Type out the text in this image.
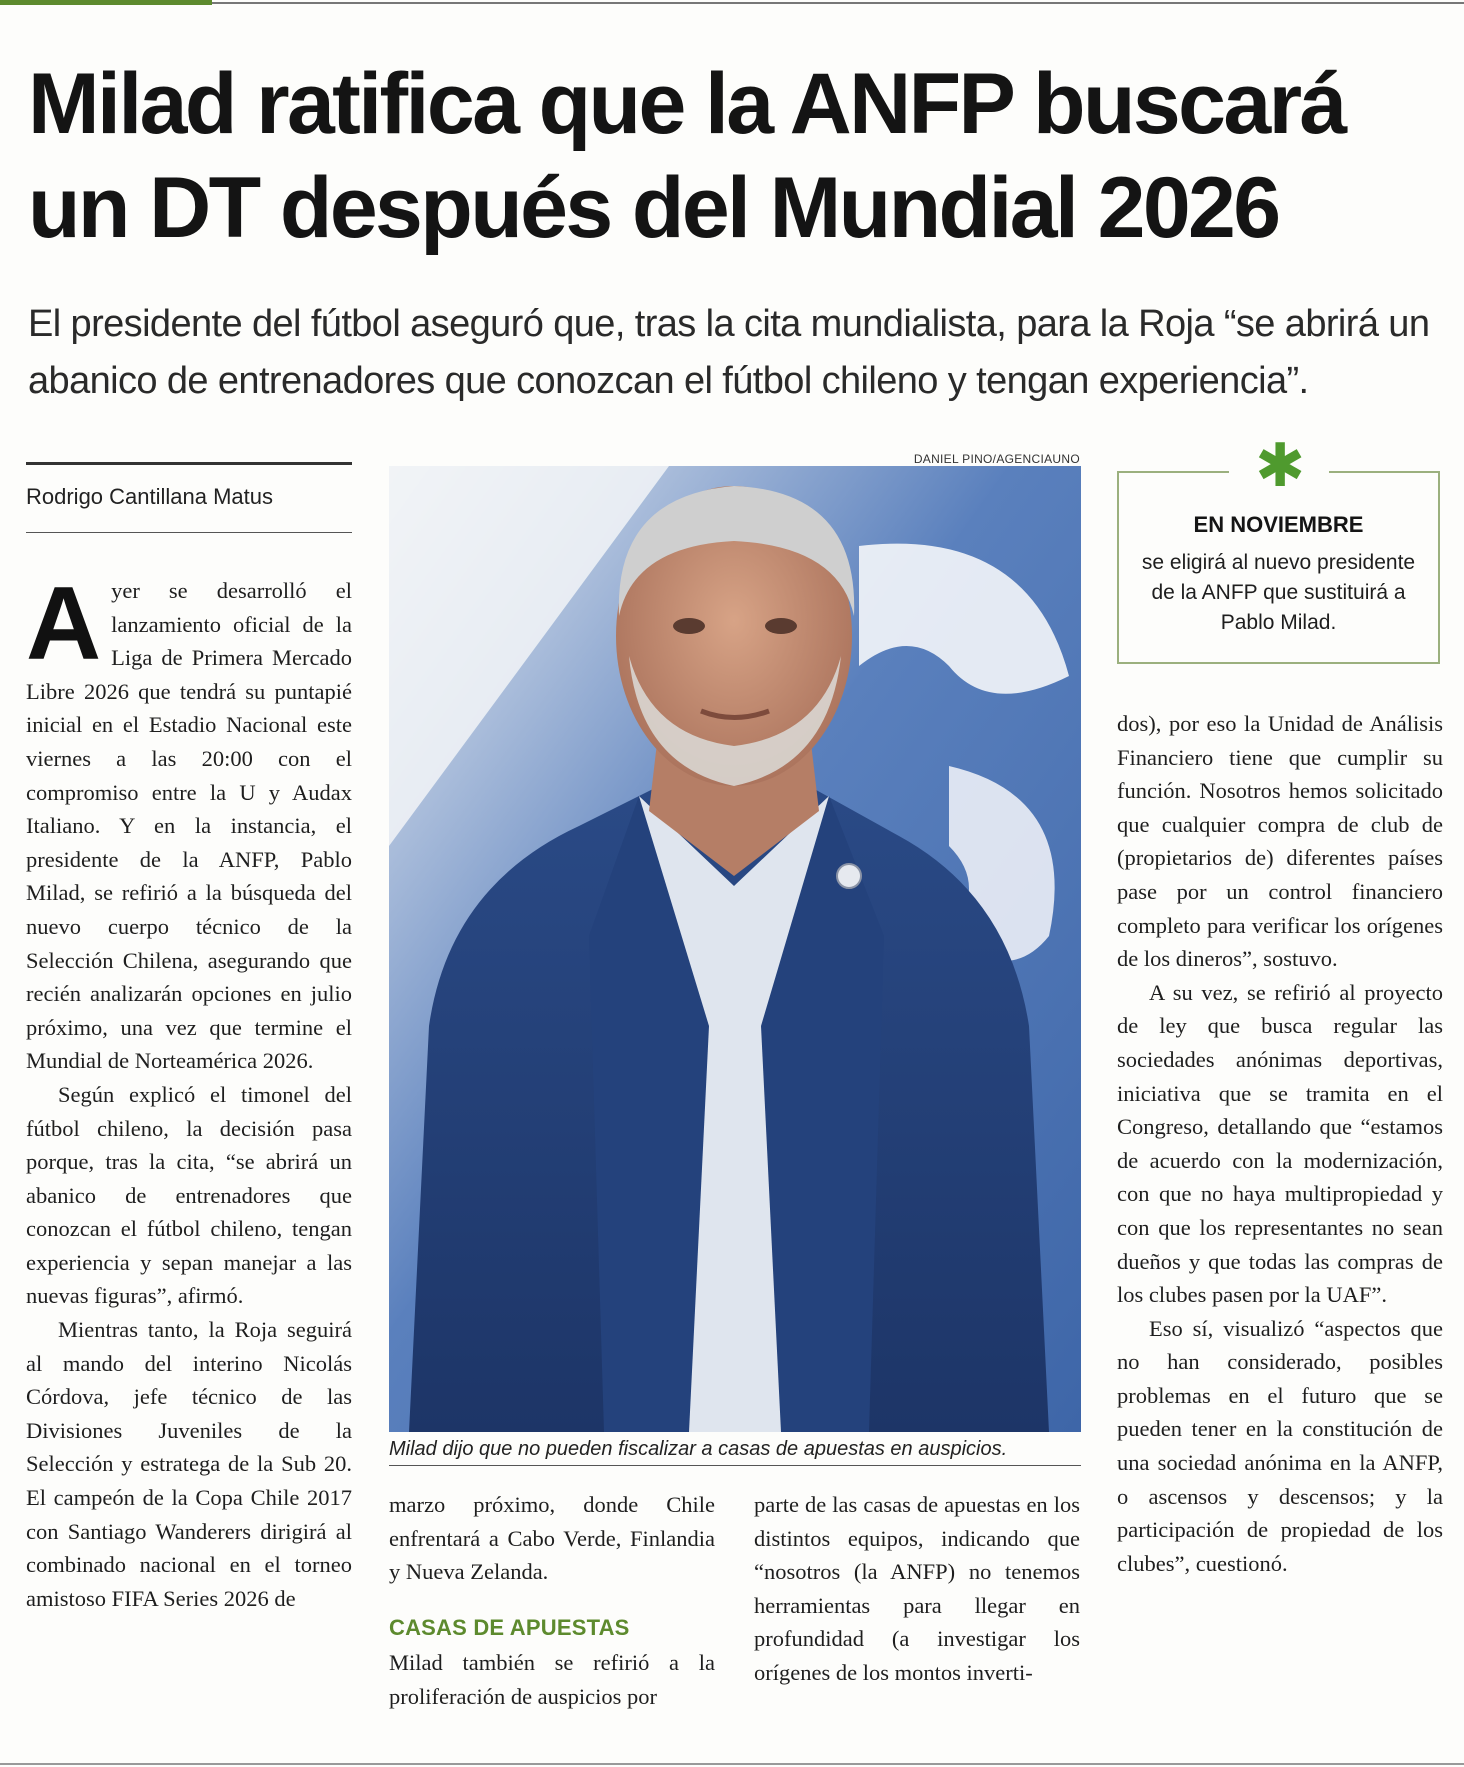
Milad ratifica que la ANFP buscará un DT después del Mundial 2026

El presidente del fútbol aseguró que, tras la cita mundialista, para la Roja “se abrirá un abanico de entrenadores que conozcan el fútbol chileno y tengan experiencia”.

Rodrigo Cantillana Matus

Ayer se desarrolló el lanzamiento oficial de la Liga de Primera Mercado Libre 2026 que tendrá su puntapié inicial en el Estadio Nacional este viernes a las 20:00 con el compromiso entre la U y Audax Italiano. Y en la instancia, el presidente de la ANFP, Pablo Milad, se refirió a la búsqueda del nuevo cuerpo técnico de la Selección Chilena, asegurando que recién analizarán opciones en julio próximo, una vez que termine el Mundial de Norteamérica 2026.

Según explicó el timonel del fútbol chileno, la decisión pasa porque, tras la cita, “se abrirá un abanico de entrenadores que conozcan el fútbol chileno, tengan experiencia y sepan manejar a las nuevas figuras”, afirmó.

Mientras tanto, la Roja seguirá al mando del interino Nicolás Córdova, jefe técnico de las Divisiones Juveniles de la Selección y estratega de la Sub 20. El campeón de la Copa Chile 2017 con Santiago Wanderers dirigirá al combinado nacional en el torneo amistoso FIFA Series 2026 de

DANIEL PINO/AGENCIAUNO
Milad dijo que no pueden fiscalizar a casas de apuestas en auspicios.
✱
EN NOVIEMBRE
se eligirá al nuevo presidente de la ANFP que sustituirá a Pablo Milad.

marzo próximo, donde Chile enfrentará a Cabo Verde, Finlandia y Nueva Zelanda.

CASAS DE APUESTAS

Milad también se refirió a la proliferación de auspicios por

parte de las casas de apuestas en los distintos equipos, indicando que “nosotros (la ANFP) no tenemos herramientas para llegar en profundidad (a investigar los orígenes de los montos inverti-

dos), por eso la Unidad de Análisis Financiero tiene que cumplir su función. Nosotros hemos solicitado que cualquier compra de club de (propietarios de) diferentes países pase por un control financiero completo para verificar los orígenes de los dineros”, sostuvo.

A su vez, se refirió al proyecto de ley que busca regular las sociedades anónimas deportivas, iniciativa que se tramita en el Congreso, detallando que “estamos de acuerdo con la modernización, con que no haya multipropiedad y con que los representantes no sean dueños y que todas las compras de los clubes pasen por la UAF”.

Eso sí, visualizó “aspectos que no han considerado, posibles problemas en el futuro que se pueden tener en la constitución de una sociedad anónima en la ANFP, o ascensos y descensos; y la participación de propiedad de los clubes”, cuestionó.
